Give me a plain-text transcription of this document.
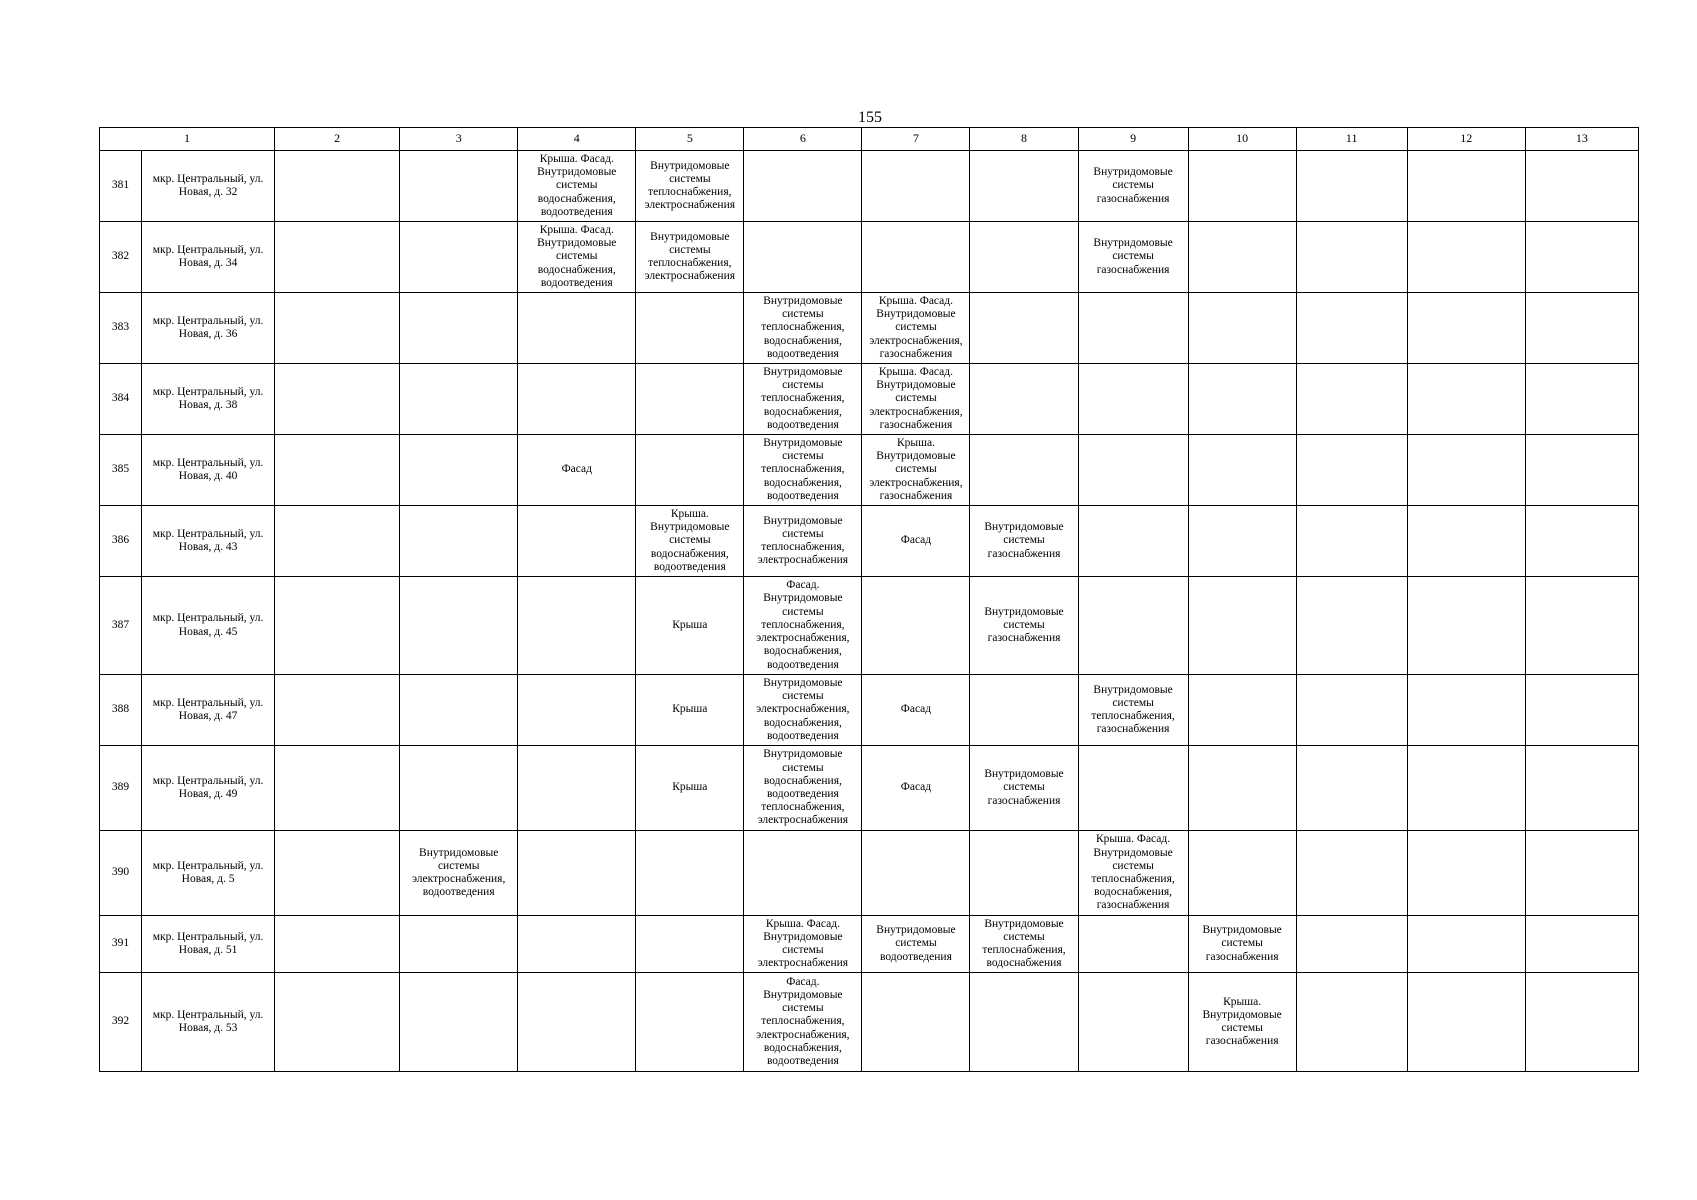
155
1		2	3	4	5	6	7	8	9	10	11	12	13
381	мкр. Центральный, ул. Новая, д. 32			Крыша. Фасад. Внутридомовые системы водоснабжения, водоотведения	Внутридомовые системы теплоснабжения, электроснабжения				Внутридомовые системы газоснабжения				
382	мкр. Центральный, ул. Новая, д. 34			Крыша. Фасад. Внутридомовые системы водоснабжения, водоотведения	Внутридомовые системы теплоснабжения, электроснабжения				Внутридомовые системы газоснабжения				
383	мкр. Центральный, ул. Новая, д. 36					Внутридомовые системы теплоснабжения, водоснабжения, водоотведения	Крыша. Фасад. Внутридомовые системы электроснабжения, газоснабжения						
384	мкр. Центральный, ул. Новая, д. 38					Внутридомовые системы теплоснабжения, водоснабжения, водоотведения	Крыша. Фасад. Внутридомовые системы электроснабжения, газоснабжения						
385	мкр. Центральный, ул. Новая, д. 40			Фасад		Внутридомовые системы теплоснабжения, водоснабжения, водоотведения	Крыша. Внутридомовые системы электроснабжения, газоснабжения						
386	мкр. Центральный, ул. Новая, д. 43				Крыша. Внутридомовые системы водоснабжения, водоотведения	Внутридомовые системы теплоснабжения, электроснабжения	Фасад	Внутридомовые системы газоснабжения					
387	мкр. Центральный, ул. Новая, д. 45				Крыша	Фасад. Внутридомовые системы теплоснабжения, электроснабжения, водоснабжения, водоотведения		Внутридомовые системы газоснабжения					
388	мкр. Центральный, ул. Новая, д. 47				Крыша	Внутридомовые системы электроснабжения, водоснабжения, водоотведения	Фасад		Внутридомовые системы теплоснабжения, газоснабжения				
389	мкр. Центральный, ул. Новая, д. 49				Крыша	Внутридомовые системы водоснабжения, водоотведения теплоснабжения, электроснабжения	Фасад	Внутридомовые системы газоснабжения					
390	мкр. Центральный, ул. Новая, д. 5		Внутридомовые системы электроснабжения, водоотведения						Крыша. Фасад. Внутридомовые системы теплоснабжения, водоснабжения, газоснабжения				
391	мкр. Центральный, ул. Новая, д. 51					Крыша. Фасад. Внутридомовые системы электроснабжения	Внутридомовые системы водоотведения	Внутридомовые системы теплоснабжения, водоснабжения		Внутридомовые системы газоснабжения			
392	мкр. Центральный, ул. Новая, д. 53					Фасад. Внутридомовые системы теплоснабжения, электроснабжения, водоснабжения, водоотведения				Крыша. Внутридомовые системы газоснабжения			
